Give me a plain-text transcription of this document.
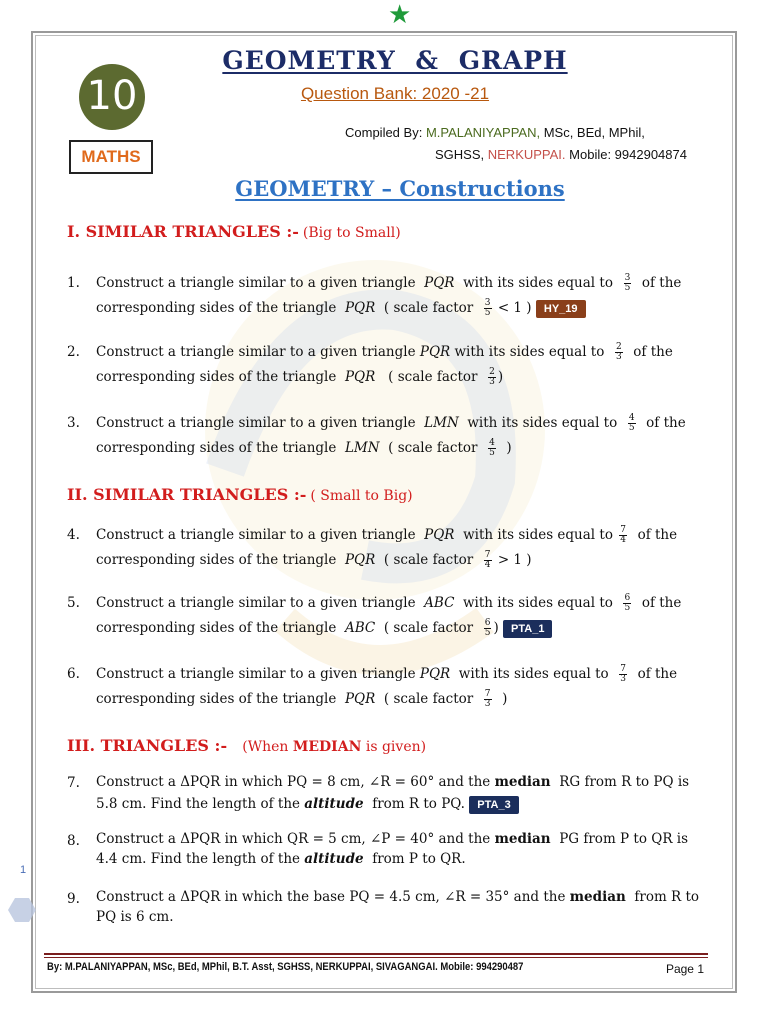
★
10
MATHS
GEOMETRY & GRAPH
Question Bank: 2020 -21
Compiled By: M.PALANIYAPPAN, MSc, BEd, MPhil,
SGHSS, NERKUPPAI. Mobile: 9942904874
GEOMETRY – Constructions
I. SIMILAR TRIANGLES :- (Big to Small)
1. Construct a triangle similar to a given triangle PQR with its sides equal to $\frac{3}{5}$ of the
corresponding sides of the triangle PQR ( scale factor $\frac{3}{5} < 1$ ) HY_19
2. Construct a triangle similar to a given triangle PQR with its sides equal to $\frac{2}{3}$ of the
corresponding sides of the triangle PQR ( scale factor $\frac{2}{3}$ )
3. Construct a triangle similar to a given triangle LMN with its sides equal to $\frac{4}{5}$ of the
corresponding sides of the triangle LMN ( scale factor $\frac{4}{5}$ )
II. SIMILAR TRIANGLES :- ( Small to Big)
4. Construct a triangle similar to a given triangle PQR with its sides equal to $\frac{7}{4}$ of the
corresponding sides of the triangle PQR ( scale factor $\frac{7}{4} > 1$ )
5. Construct a triangle similar to a given triangle ABC with its sides equal to $\frac{6}{5}$ of the
corresponding sides of the triangle ABC ( scale factor $\frac{6}{5}$ ) PTA_1
6. Construct a triangle similar to a given triangle PQR with its sides equal to $\frac{7}{3}$ of the
corresponding sides of the triangle PQR ( scale factor $\frac{7}{3}$ )
III. TRIANGLES :- (When MEDIAN is given)
7. Construct a ΔPQR in which PQ = 8 cm, ∠R = 60° and the median RG from R to PQ is
5.8 cm. Find the length of the altitude from R to PQ. PTA_3
8. Construct a ΔPQR in which QR = 5 cm, ∠P = 40° and the median PG from P to QR is
4.4 cm. Find the length of the altitude from P to QR.
9. Construct a ΔPQR in which the base PQ = 4.5 cm, ∠R = 35° and the median from R to
PQ is 6 cm.
1
By: M.PALANIYAPPAN, MSc, BEd, MPhil, B.T. Asst, SGHSS, NERKUPPAI, SIVAGANGAI. Mobile: 994290487	Page 1
